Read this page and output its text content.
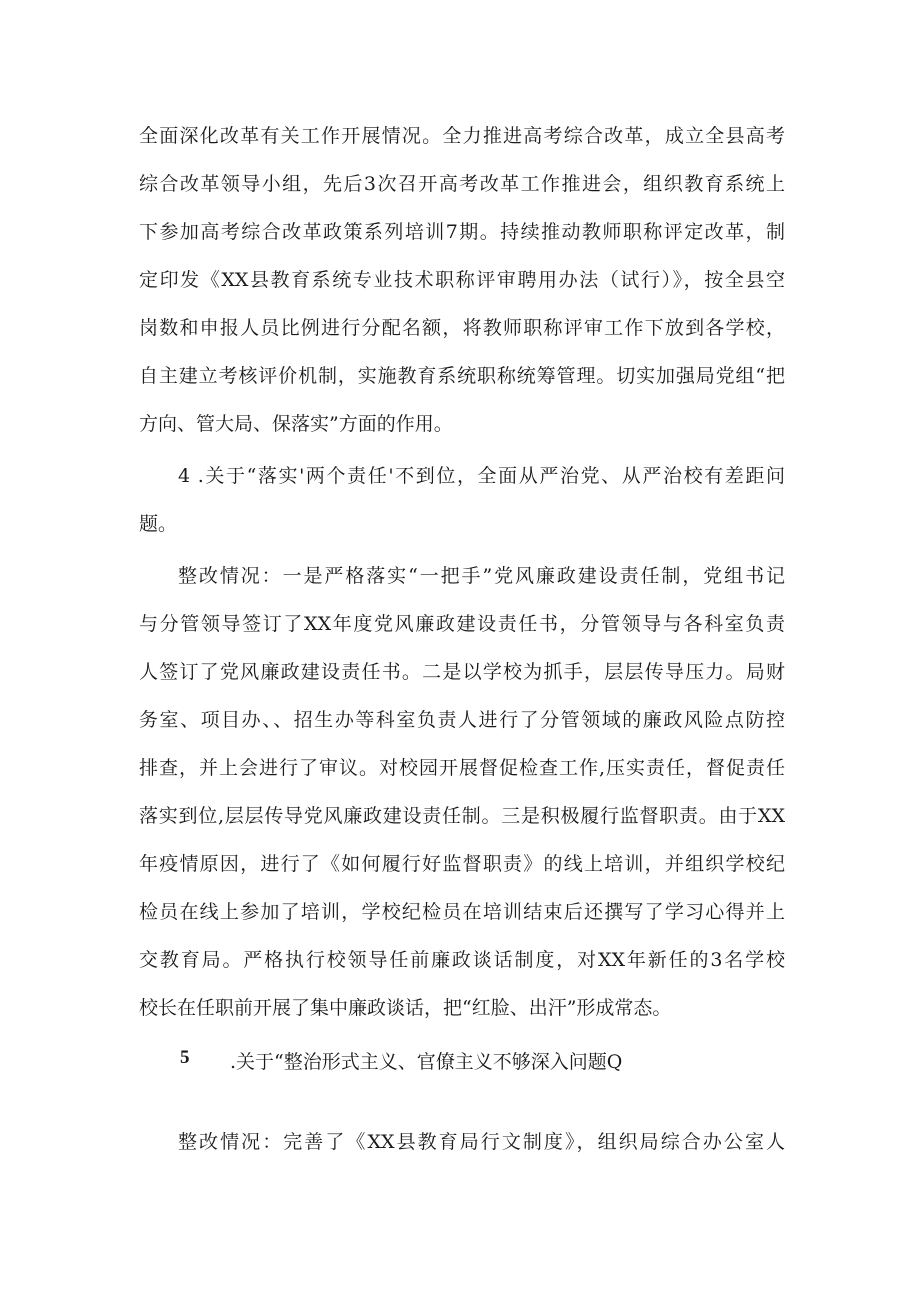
全面深化改革有关工作开展情况。全力推进高考综合改革，成立全县高考
综合改革领导小组，先后3次召开高考改革工作推进会，组织教育系统上
下参加高考综合改革政策系列培训7期。持续推动教师职称评定改革，制
定印发《XX县教育系统专业技术职称评审聘用办法（试行）》，按全县空
岗数和申报人员比例进行分配名额，将教师职称评审工作下放到各学校，
自主建立考核评价机制，实施教育系统职称统筹管理。切实加强局党组“把
方向、管大局、保落实”方面的作用。
4 .关于“落实'两个责任'不到位，全面从严治党、从严治校有差距问
题。
整改情况：一是严格落实“一把手”党风廉政建设责任制，党组书记
与分管领导签订了XX年度党风廉政建设责任书，分管领导与各科室负责
人签订了党风廉政建设责任书。二是以学校为抓手，层层传导压力。局财
务室、项目办、、招生办等科室负责人进行了分管领域的廉政风险点防控
排查，并上会进行了审议。对校园开展督促检查工作,压实责任，督促责任
落实到位,层层传导党风廉政建设责任制。三是积极履行监督职责。由于XX
年疫情原因，进行了《如何履行好监督职责》的线上培训，并组织学校纪
检员在线上参加了培训，学校纪检员在培训结束后还撰写了学习心得并上
交教育局。严格执行校领导任前廉政谈话制度，对XX年新任的3名学校
校长在任职前开展了集中廉政谈话，把“红脸、出汗”形成常态。
5 .关于“整治形式主义、官僚主义不够深入问题Q
整改情况：完善了《XX县教育局行文制度》，组织局综合办公室人
